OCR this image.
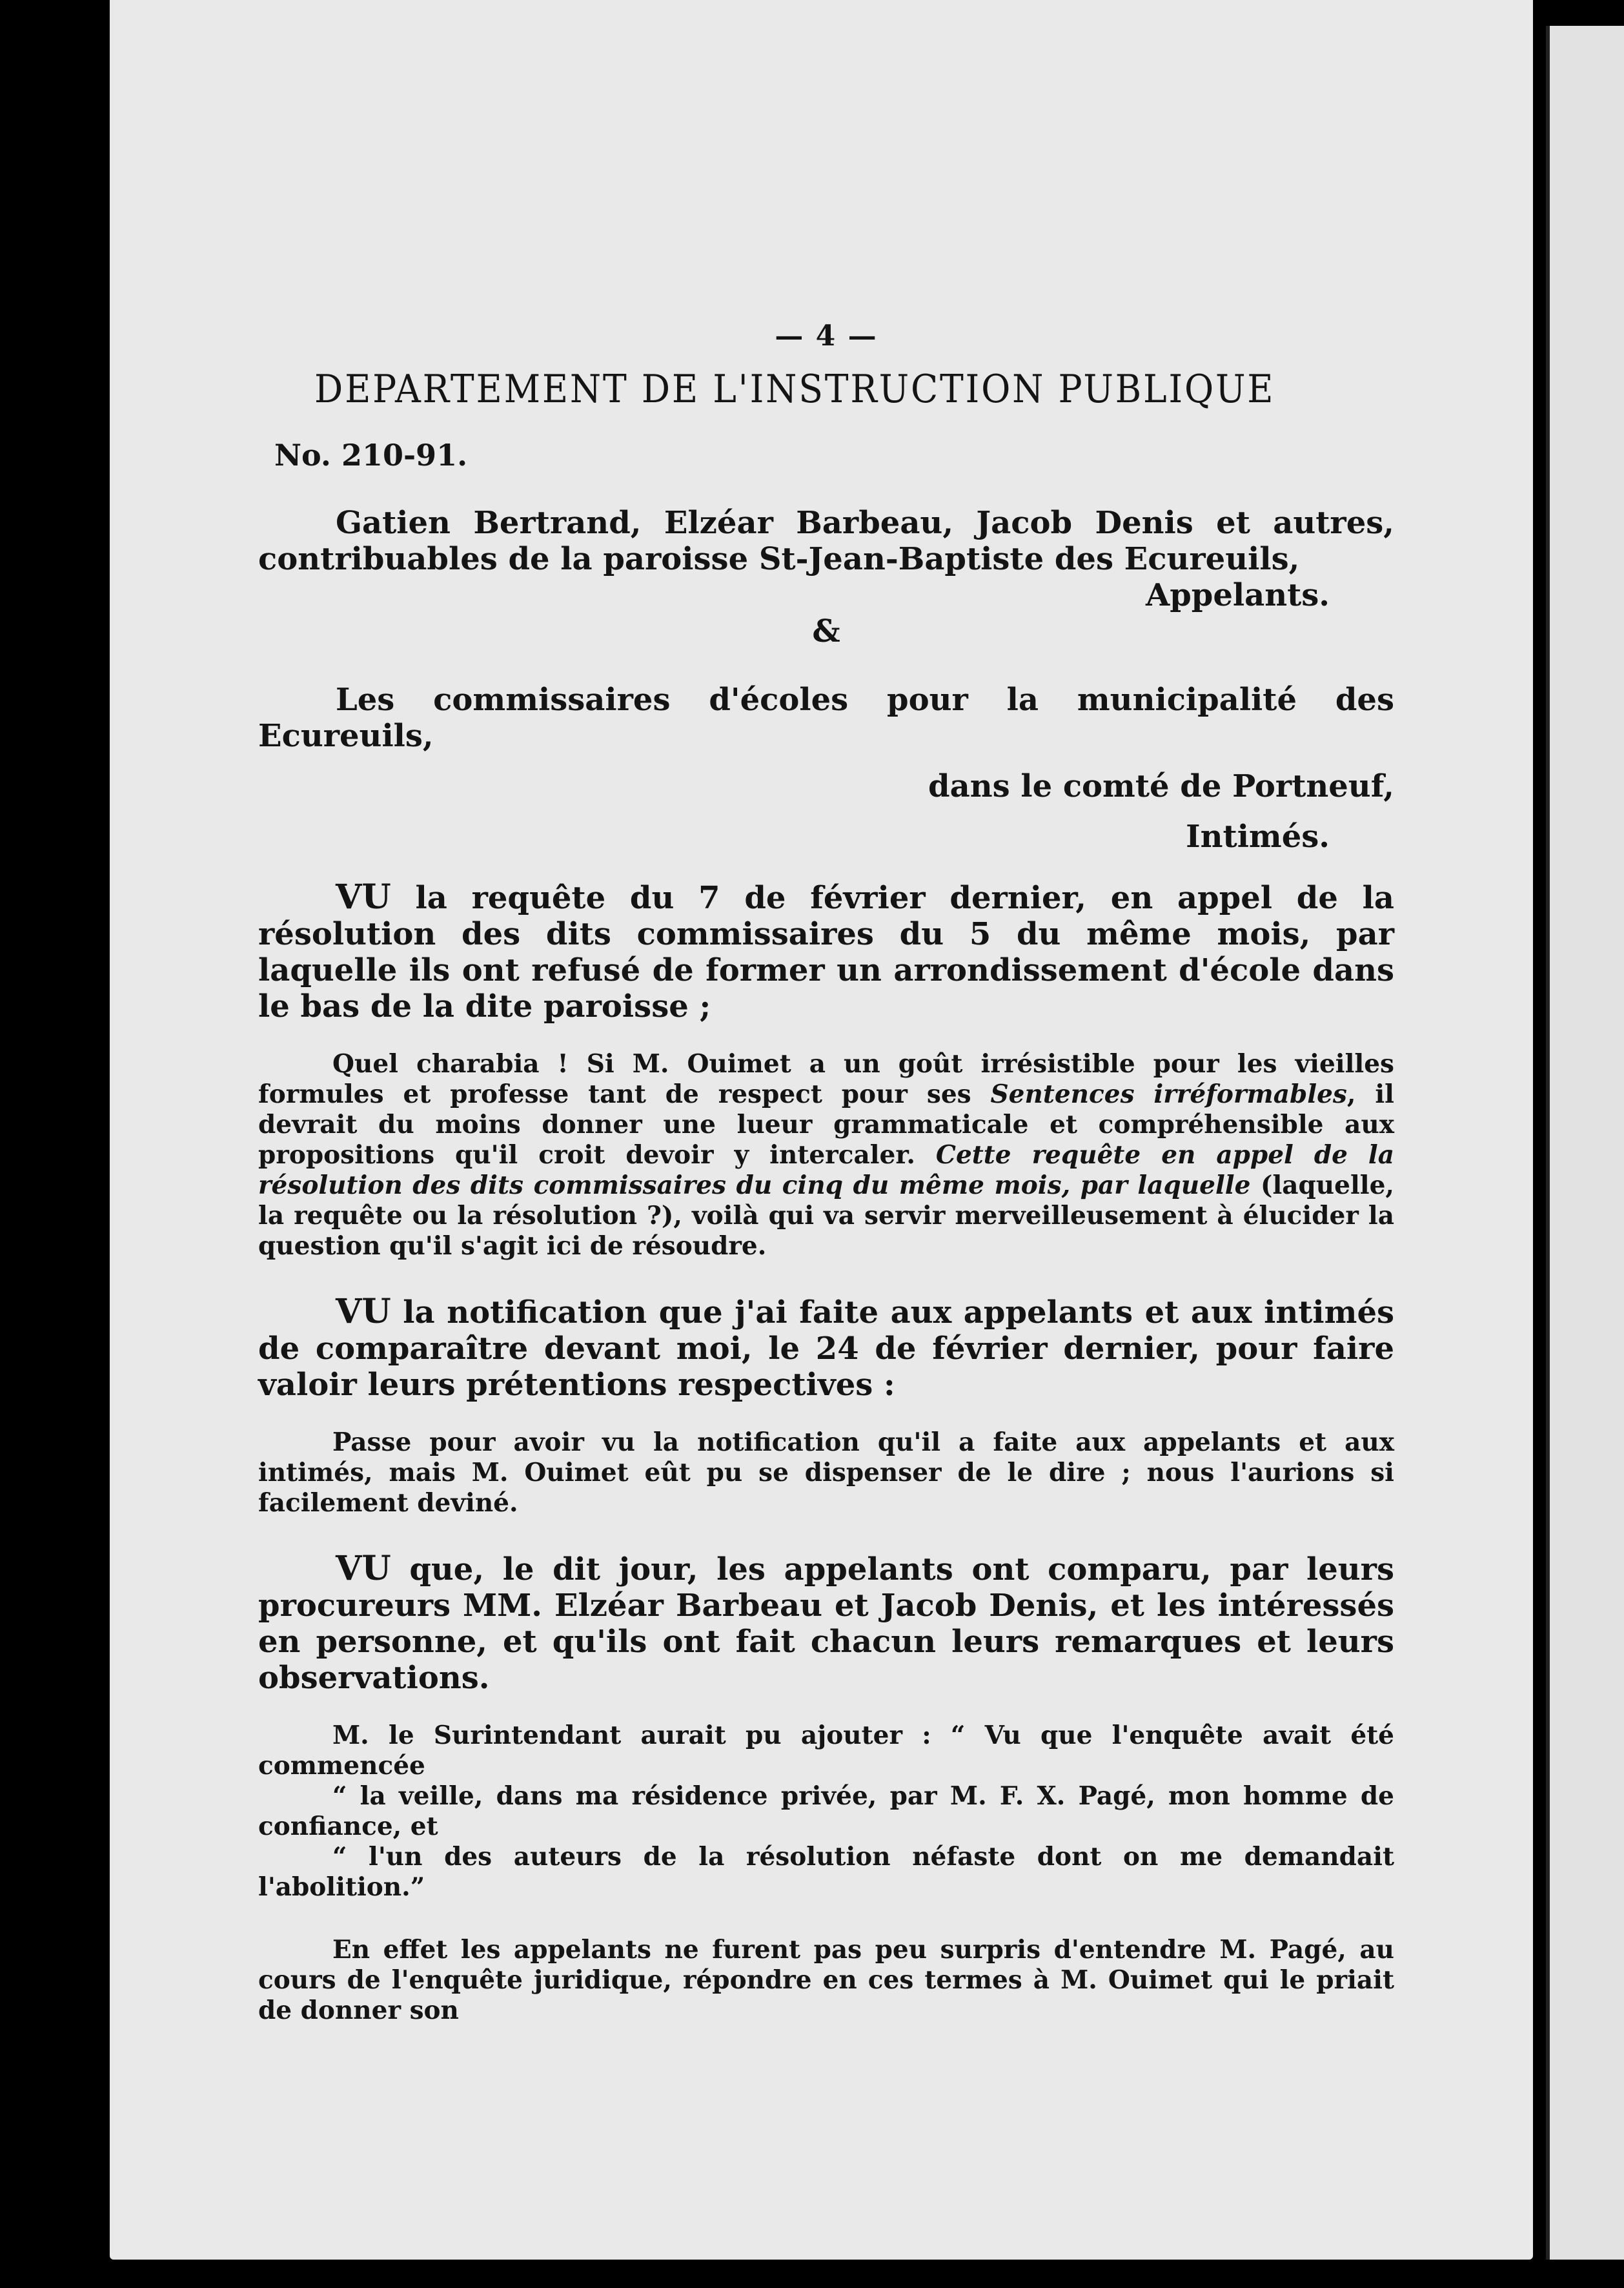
— 4 —
DEPARTEMENT DE L'INSTRUCTION PUBLIQUE
No. 210-91.

Gatien Bertrand, Elzéar Barbeau, Jacob Denis et autres, contribuables de la paroisse St-Jean-Baptiste des Ecureuils,

Appelants.

&

Les commissaires d'écoles pour la municipalité des Ecureuils,

dans le comté de Portneuf,

Intimés.

VU la requête du 7 de février dernier, en appel de la résolution des dits commissaires du 5 du même mois, par laquelle ils ont refusé de former un arrondissement d'école dans le bas de la dite paroisse ;

Quel charabia ! Si M. Ouimet a un goût irrésistible pour les vieilles formules et professe tant de respect pour ses Sentences irréformables, il devrait du moins donner une lueur grammaticale et compréhensible aux propositions qu'il croit devoir y intercaler. Cette requête en appel de la résolution des dits commissaires du cinq du même mois, par laquelle (laquelle, la requête ou la résolution ?), voilà qui va servir merveilleusement à élucider la question qu'il s'agit ici de résoudre.

VU la notification que j'ai faite aux appelants et aux intimés de comparaître devant moi, le 24 de février dernier, pour faire valoir leurs prétentions respectives :

Passe pour avoir vu la notification qu'il a faite aux appelants et aux intimés, mais M. Ouimet eût pu se dispenser de le dire ; nous l'aurions si facilement deviné.

VU que, le dit jour, les appelants ont comparu, par leurs procureurs MM. Elzéar Barbeau et Jacob Denis, et les intéressés en personne, et qu'ils ont fait chacun leurs remarques et leurs observations.

M. le Surintendant aurait pu ajouter : “ Vu que l'enquête avait été commencée
“ la veille, dans ma résidence privée, par M. F. X. Pagé, mon homme de confiance, et
“ l'un des auteurs de la résolution néfaste dont on me demandait l'abolition.”

En effet les appelants ne furent pas peu surpris d'entendre M. Pagé, au cours de l'enquête juridique, répondre en ces termes à M. Ouimet qui le priait de donner son
